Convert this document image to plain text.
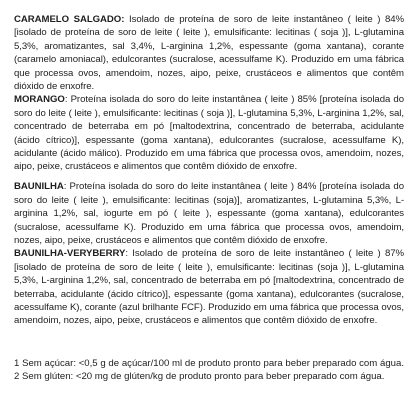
CARAMELO SALGADO: Isolado de proteína de soro de leite instantâneo ( leite ) 84% [isolado de proteína de soro de leite ( leite ), emulsificante: lecitinas ( soja )], L-glutamina 5,3%, aromatizantes, sal 3,4%, L-arginina 1,2%, espessante (goma xantana), corante (caramelo amoniacal), edulcorantes (sucralose, acessulfame K). Produzido em uma fábrica que processa ovos, amendoim, nozes, aipo, peixe, crustáceos e alimentos que contêm dióxido de enxofre.

MORANGO: Proteína isolada do soro do leite instantânea ( leite ) 85% [proteína isolada do soro do leite ( leite ), emulsificante: lecitinas ( soja )], L-glutamina 5,3%, L-arginina 1,2%, sal, concentrado de beterraba em pó [maltodextrina, concentrado de beterraba, acidulante (ácido cítrico)], espessante (goma xantana), edulcorantes (sucralose, acessulfame K), acidulante (ácido málico). Produzido em uma fábrica que processa ovos, amendoim, nozes, aipo, peixe, crustáceos e alimentos que contêm dióxido de enxofre.

BAUNILHA: Proteína isolada do soro do leite instantânea ( leite ) 84% [proteína isolada do soro do leite ( leite ), emulsificante: lecitinas (soja)], aromatizantes, L-glutamina 5,3%, L-arginina 1,2%, sal, iogurte em pó ( leite ), espessante (goma xantana), edulcorantes (sucralose, acessulfame K). Produzido em uma fábrica que processa ovos, amendoim, nozes, aipo, peixe, crustáceos e alimentos que contêm dióxido de enxofre.

BAUNILHA-VERYBERRY: Isolado de proteína de soro de leite instantâneo ( leite ) 87% [isolado de proteína de soro de leite ( leite ), emulsificante: lecitinas (soja )], L-glutamina 5,3%, L-arginina 1,2%, sal, concentrado de beterraba em pó [maltodextrina, concentrado de beterraba, acidulante (ácido cítrico)], espessante (goma xantana), edulcorantes (sucralose, acessulfame K), corante (azul brilhante FCF). Produzido em uma fábrica que processa ovos, amendoim, nozes, aipo, peixe, crustáceos e alimentos que contêm dióxido de enxofre.

1 Sem açúcar: <0,5 g de açúcar/100 ml de produto pronto para beber preparado com água. 2 Sem glúten: <20 mg de glúten/kg de produto pronto para beber preparado com água.
